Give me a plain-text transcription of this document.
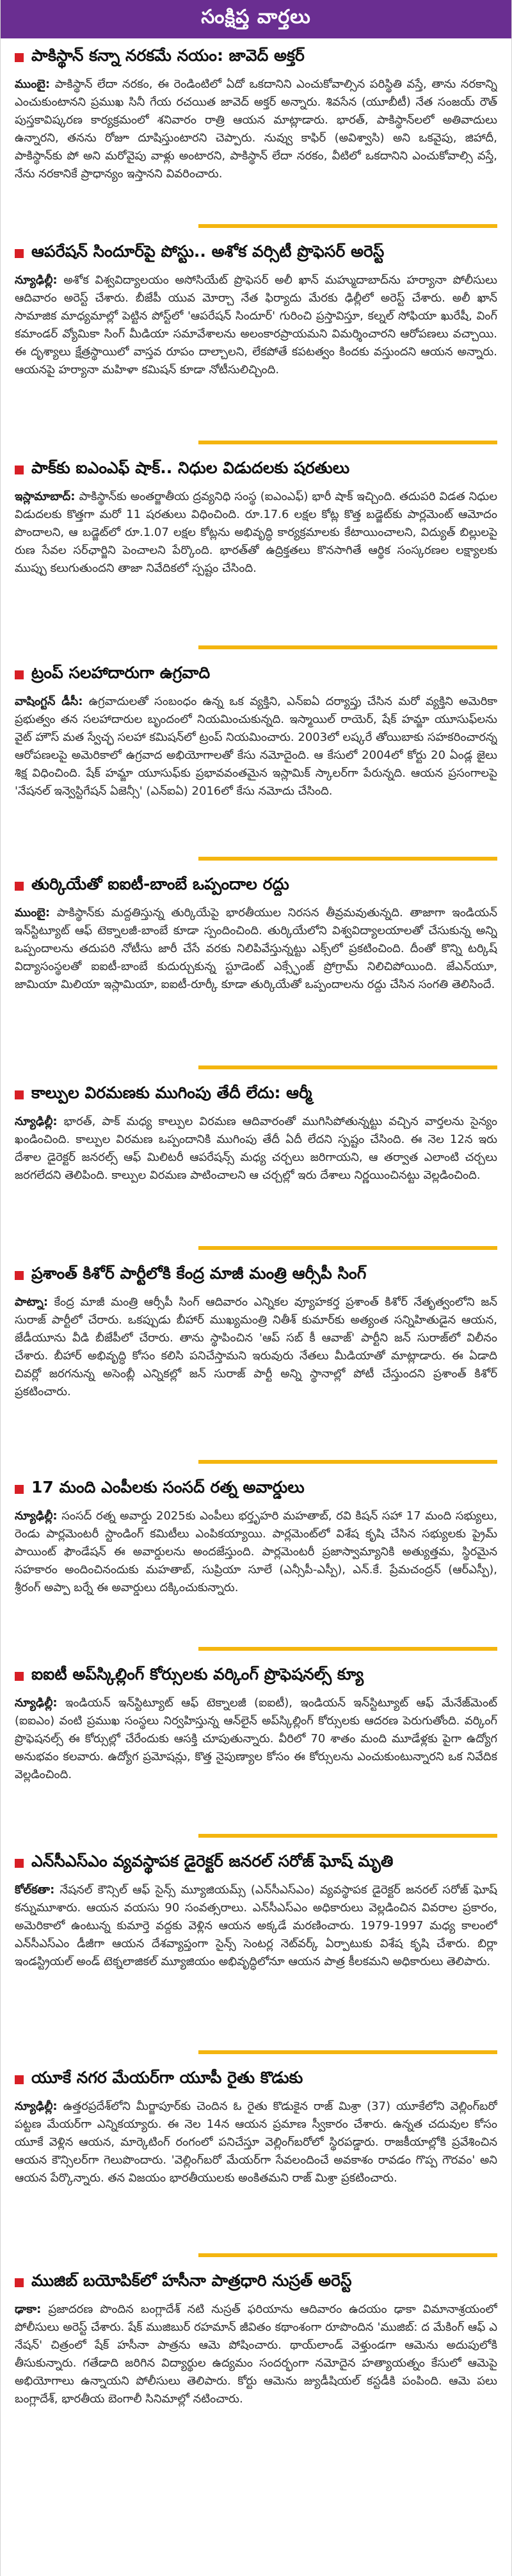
సంక్షిప్త వార్తలు
పాకిస్థాన్ కన్నా నరకమే నయం: జావెద్ అక్తర్
ముంబై: పాకిస్థాన్ లేదా నరకం, ఈ రెండింటిలో ఏదో ఒకదానిని ఎంచుకోవాల్సిన పరిస్థితి వస్తే, తాను నరకాన్ని ఎంచుకుంటానని ప్రముఖ సినీ గేయ రచయిత జావెద్ అక్తర్ అన్నారు. శివసేన (యూబీటీ) నేత సంజయ్ రౌత్ పుస్తకావిష్కరణ కార్యక్రమంలో శనివారం రాత్రి ఆయన మాట్లాడారు. భారత్, పాకిస్థాన్‌లలో అతివాదులు ఉన్నారని, తనను రోజూ దూషిస్తుంటారని చెప్పారు. నువ్వు కాఫిర్ (అవిశ్వాసి) అని ఒకవైపు, జిహాదీ, పాకిస్థాన్‌కు పో అని మరోవైపు వాళ్లు అంటారని, పాకిస్థాన్ లేదా నరకం, వీటిలో ఒకదానిని ఎంచుకోవాల్సి వస్తే, నేను నరకానికే ప్రాధాన్యం ఇస్తానని వివరించారు.
ఆపరేషన్ సిందూర్‌పై పోస్టు.. అశోక వర్సిటీ ప్రొఫెసర్ అరెస్ట్
న్యూఢిల్లీ: అశోక విశ్వవిద్యాలయం అసోసియేట్ ప్రొఫెసర్ అలీ ఖాన్ మహ్ముదాబాద్‌ను హర్యానా పోలీసులు ఆదివారం అరెస్ట్ చేశారు. బీజేపీ యువ మోర్చా నేత ఫిర్యాదు మేరకు ఢిల్లీలో అరెస్ట్ చేశారు. అలీ ఖాన్ సామాజిక మాధ్యమాల్లో పెట్టిన పోస్ట్‌లో 'ఆపరేషన్ సిందూర్' గురించి ప్రస్తావిస్తూ, కల్నల్ సోఫియా ఖురేషీ, వింగ్ కమాండర్ వ్యోమికా సింగ్ మీడియా సమావేశాలను అలంకారప్రాయమని విమర్శించారని ఆరోపణలు వచ్చాయి. ఈ దృశ్యాలు క్షేత్రస్థాయిలో వాస్తవ రూపం దాల్చాలని, లేకపోతే కపటత్వం కిందకు వస్తుందని ఆయన అన్నారు. ఆయనపై హర్యానా మహిళా కమిషన్ కూడా నోటీసులిచ్చింది.
పాక్‌కు ఐఎంఎఫ్ షాక్.. నిధుల విడుదలకు షరతులు
ఇస్లామాబాద్: పాకిస్థాన్‌కు అంతర్జాతీయ ద్రవ్యనిధి సంస్థ (ఐఎంఎఫ్) భారీ షాక్ ఇచ్చింది. తదుపరి విడత నిధుల విడుదలకు కొత్తగా మరో 11 షరతులు విధించింది. రూ.17.6 లక్షల కోట్ల కొత్త బడ్జెట్‌కు పార్లమెంట్ ఆమోదం పొందాలని, ఆ బడ్జెట్‌లో రూ.1.07 లక్షల కోట్లను అభివృద్ధి కార్యక్రమాలకు కేటాయించాలని, విద్యుత్ బిల్లులపై రుణ సేవల సర్‌ఛార్జిని పెంచాలని పేర్కొంది. భారత్‌తో ఉద్రిక్తతలు కొనసాగితే ఆర్థిక సంస్కరణల లక్ష్యాలకు ముప్పు కలుగుతుందని తాజా నివేదికలో స్పష్టం చేసింది.
ట్రంప్ సలహాదారుగా ఉగ్రవాది
వాషింగ్టన్ డీసీ: ఉగ్రవాదులతో సంబంధం ఉన్న ఒక వ్యక్తిని, ఎన్ఐఏ దర్యాప్తు చేసిన మరో వ్యక్తిని అమెరికా ప్రభుత్వం తన సలహాదారుల బృందంలో నియమించుకున్నది. ఇస్మాయిల్ రాయెర్, షేక్ హమ్జా యూసుఫ్‌లను వైట్ హౌస్ మత స్వేచ్ఛ సలహా కమిషన్‌లో ట్రంప్ నియమించారు. 2003లో లష్కరే తోయిబాకు సహకరించారన్న ఆరోపణలపై అమెరికాలో ఉగ్రవాద అభియోగాలతో కేసు నమోదైంది. ఆ కేసులో 2004లో కోర్టు 20 ఏండ్ల జైలు శిక్ష విధించింది. షేక్ హమ్జా యూసుఫ్‌కు ప్రభావవంతమైన ఇస్లామిక్ స్కాలర్‌గా పేరున్నది. ఆయన ప్రసంగాలపై 'నేషనల్ ఇన్వెస్టిగేషన్ ఏజెన్సీ' (ఎన్ఐఏ) 2016లో కేసు నమోదు చేసింది.
తుర్కియేతో ఐఐటీ-బాంబే ఒప్పందాల రద్దు
ముంబై: పాకిస్థాన్‌కు మద్దతిస్తున్న తుర్కియేపై భారతీయుల నిరసన తీవ్రమవుతున్నది. తాజాగా ఇండియన్ ఇన్‌స్టిట్యూట్ ఆఫ్ టెక్నాలజీ-బాంబే కూడా స్పందించింది. తుర్కియేలోని విశ్వవిద్యాలయాలతో చేసుకున్న అన్ని ఒప్పందాలను తదుపరి నోటీసు జారీ చేసే వరకు నిలిపివేస్తున్నట్టు ఎక్స్‌లో ప్రకటించింది. దీంతో కొన్ని టర్కిష్ విద్యాసంస్థలతో ఐఐటీ-బాంబే కుదుర్చుకున్న స్టూడెంట్ ఎక్స్ఛేంజ్ ప్రోగ్రామ్ నిలిచిపోయింది. జేఎన్‌యూ, జామియా మిలియా ఇస్లామియా, ఐఐటీ-రూర్కీ కూడా తుర్కియేతో ఒప్పందాలను రద్దు చేసిన సంగతి తెలిసిందే.
కాల్పుల విరమణకు ముగింపు తేదీ లేదు: ఆర్మీ
న్యూఢిల్లీ: భారత్, పాక్ మధ్య కాల్పుల విరమణ ఆదివారంతో ముగిసిపోతున్నట్టు వచ్చిన వార్తలను సైన్యం ఖండించింది. కాల్పుల విరమణ ఒప్పందానికి ముగింపు తేదీ ఏదీ లేదని స్పష్టం చేసింది. ఈ నెల 12న ఇరు దేశాల డైరెక్టర్ జనరల్స్ ఆఫ్ మిలిటరీ ఆపరేషన్స్ మధ్య చర్చలు జరిగాయని, ఆ తర్వాత ఎలాంటి చర్చలు జరగలేదని తెలిపింది. కాల్పుల విరమణ పాటించాలని ఆ చర్చల్లో ఇరు దేశాలు నిర్ణయించినట్టు వెల్లడించింది.
ప్రశాంత్ కిశోర్ పార్టీలోకి కేంద్ర మాజీ మంత్రి ఆర్సీపీ సింగ్
పాట్నా: కేంద్ర మాజీ మంత్రి ఆర్సీపీ సింగ్ ఆదివారం ఎన్నికల వ్యూహకర్త ప్రశాంత్ కిశోర్ నేతృత్వంలోని జన్ సురాజ్ పార్టీలో చేరారు. ఒకప్పుడు బీహార్ ముఖ్యమంత్రి నితీశ్ కుమార్‌కు అత్యంత సన్నిహితుడైన ఆయన, జేడీయూను వీడి బీజేపీలో చేరారు. తాను స్థాపించిన 'ఆప్ సబ్ కీ ఆవాజ్' పార్టీని జన్ సురాజ్‌లో విలీనం చేశారు. బీహార్ అభివృద్ధి కోసం కలిసి పనిచేస్తామని ఇరువురు నేతలు మీడియాతో మాట్లాడారు. ఈ ఏడాది చివర్లో జరగనున్న అసెంబ్లీ ఎన్నికల్లో జన్ సురాజ్ పార్టీ అన్ని స్థానాల్లో పోటీ చేస్తుందని ప్రశాంత్ కిశోర్ ప్రకటించారు.
17 మంది ఎంపీలకు సంసద్ రత్న అవార్డులు
న్యూఢిల్లీ: సంసద్ రత్న అవార్డు 2025కు ఎంపీలు భర్తృహరి మహతాబ్, రవి కిషన్ సహా 17 మంది సభ్యులు, రెండు పార్లమెంటరీ స్టాండింగ్ కమిటీలు ఎంపికయ్యాయి. పార్లమెంట్‌లో విశేష కృషి చేసిన సభ్యులకు ప్రైమ్ పాయింట్ ఫౌండేషన్ ఈ అవార్డులను అందజేస్తుంది. పార్లమెంటరీ ప్రజాస్వామ్యానికి అత్యుత్తమ, స్థిరమైన సహకారం అందించినందుకు మహతాబ్, సుప్రియా సూలే (ఎన్సీపీ-ఎస్పీ), ఎన్.కే. ప్రేమచంద్రన్ (ఆర్ఎస్పీ), శ్రీరంగ్ అప్పా బర్నే ఈ అవార్డులు దక్కించుకున్నారు.
ఐఐటీ అప్‌స్కిల్లింగ్ కోర్సులకు వర్కింగ్ ప్రొఫెషనల్స్ క్యూ
న్యూఢిల్లీ: ఇండియన్ ఇన్‌స్టిట్యూట్ ఆఫ్ టెక్నాలజీ (ఐఐటీ), ఇండియన్ ఇన్‌స్టిట్యూట్ ఆఫ్ మేనేజ్‌మెంట్ (ఐఐఎం) వంటి ప్రముఖ సంస్థలు నిర్వహిస్తున్న ఆన్‌లైన్ అప్‌స్కిల్లింగ్ కోర్సులకు ఆదరణ పెరుగుతోంది. వర్కింగ్ ప్రొఫెషనల్స్ ఈ కోర్సుల్లో చేరేందుకు ఆసక్తి చూపుతున్నారు. వీరిలో 70 శాతం మంది మూడేళ్లకు పైగా ఉద్యోగ అనుభవం కలవారు. ఉద్యోగ ప్రమోషన్లు, కొత్త నైపుణ్యాల కోసం ఈ కోర్సులను ఎంచుకుంటున్నారని ఒక నివేదిక వెల్లడించింది.
ఎన్‌సీఎస్ఎం వ్యవస్థాపక డైరెక్టర్ జనరల్ సరోజ్ ఘోష్ మృతి
కోల్‌కతా: నేషనల్ కౌన్సిల్ ఆఫ్ సైన్స్ మ్యూజియమ్స్ (ఎన్‌సీఎస్ఎం) వ్యవస్థాపక డైరెక్టర్ జనరల్ సరోజ్ ఘోష్ కన్నుమూశారు. ఆయన వయసు 90 సంవత్సరాలు. ఎన్‌సీఎస్ఎం అధికారులు వెల్లడించిన వివరాల ప్రకారం, అమెరికాలో ఉంటున్న కుమార్తె వద్దకు వెళ్లిన ఆయన అక్కడే మరణించారు. 1979-1997 మధ్య కాలంలో ఎన్‌సీఎస్ఎం డీజీగా ఆయన దేశవ్యాప్తంగా సైన్స్ సెంటర్ల నెట్‌వర్క్ ఏర్పాటుకు విశేష కృషి చేశారు. బిర్లా ఇండస్ట్రియల్ అండ్ టెక్నలాజికల్ మ్యూజియం అభివృద్ధిలోనూ ఆయన పాత్ర కీలకమని అధికారులు తెలిపారు.
యూకే నగర మేయర్‌గా యూపీ రైతు కొడుకు
న్యూఢిల్లీ: ఉత్తరప్రదేశ్‌లోని మీర్జాపూర్‌కు చెందిన ఓ రైతు కొడుకైన రాజ్ మిశ్రా (37) యూకేలోని వెల్లింగ్‌బరో పట్టణ మేయర్‌గా ఎన్నికయ్యారు. ఈ నెల 14న ఆయన ప్రమాణ స్వీకారం చేశారు. ఉన్నత చదువుల కోసం యూకే వెళ్లిన ఆయన, మార్కెటింగ్ రంగంలో పనిచేస్తూ వెల్లింగ్‌బరోలో స్థిరపడ్డారు. రాజకీయాల్లోకి ప్రవేశించిన ఆయన కౌన్సిలర్‌గా గెలుపొందారు. 'వెల్లింగ్‌బరో మేయర్‌గా సేవలందించే అవకాశం రావడం గొప్ప గౌరవం' అని ఆయన పేర్కొన్నారు. తన విజయం భారతీయులకు అంకితమని రాజ్ మిశ్రా ప్రకటించారు.
ముజిబ్ బయోపిక్‌లో హసీనా పాత్రధారి నుస్రత్ అరెస్ట్
ఢాకా: ప్రజాదరణ పొందిన బంగ్లాదేశ్ నటి నుస్రత్ ఫరియాను ఆదివారం ఉదయం ఢాకా విమానాశ్రయంలో పోలీసులు అరెస్ట్ చేశారు. షేక్ ముజిబుర్ రహమాన్ జీవితం కథాంశంగా రూపొందిన 'ముజిబ్: ద మేకింగ్ ఆఫ్ ఎ నేషన్' చిత్రంలో షేక్ హసీనా పాత్రను ఆమె పోషించారు. థాయ్‌లాండ్ వెళ్తుండగా ఆమెను అదుపులోకి తీసుకున్నారు. గతేడాది జరిగిన విద్యార్థుల ఉద్యమం సందర్భంగా నమోదైన హత్యాయత్నం కేసులో ఆమెపై అభియోగాలు ఉన్నాయని పోలీసులు తెలిపారు. కోర్టు ఆమెను జ్యుడీషియల్ కస్టడీకి పంపింది. ఆమె పలు బంగ్లాదేశ్, భారతీయ బెంగాలీ సినిమాల్లో నటించారు.
